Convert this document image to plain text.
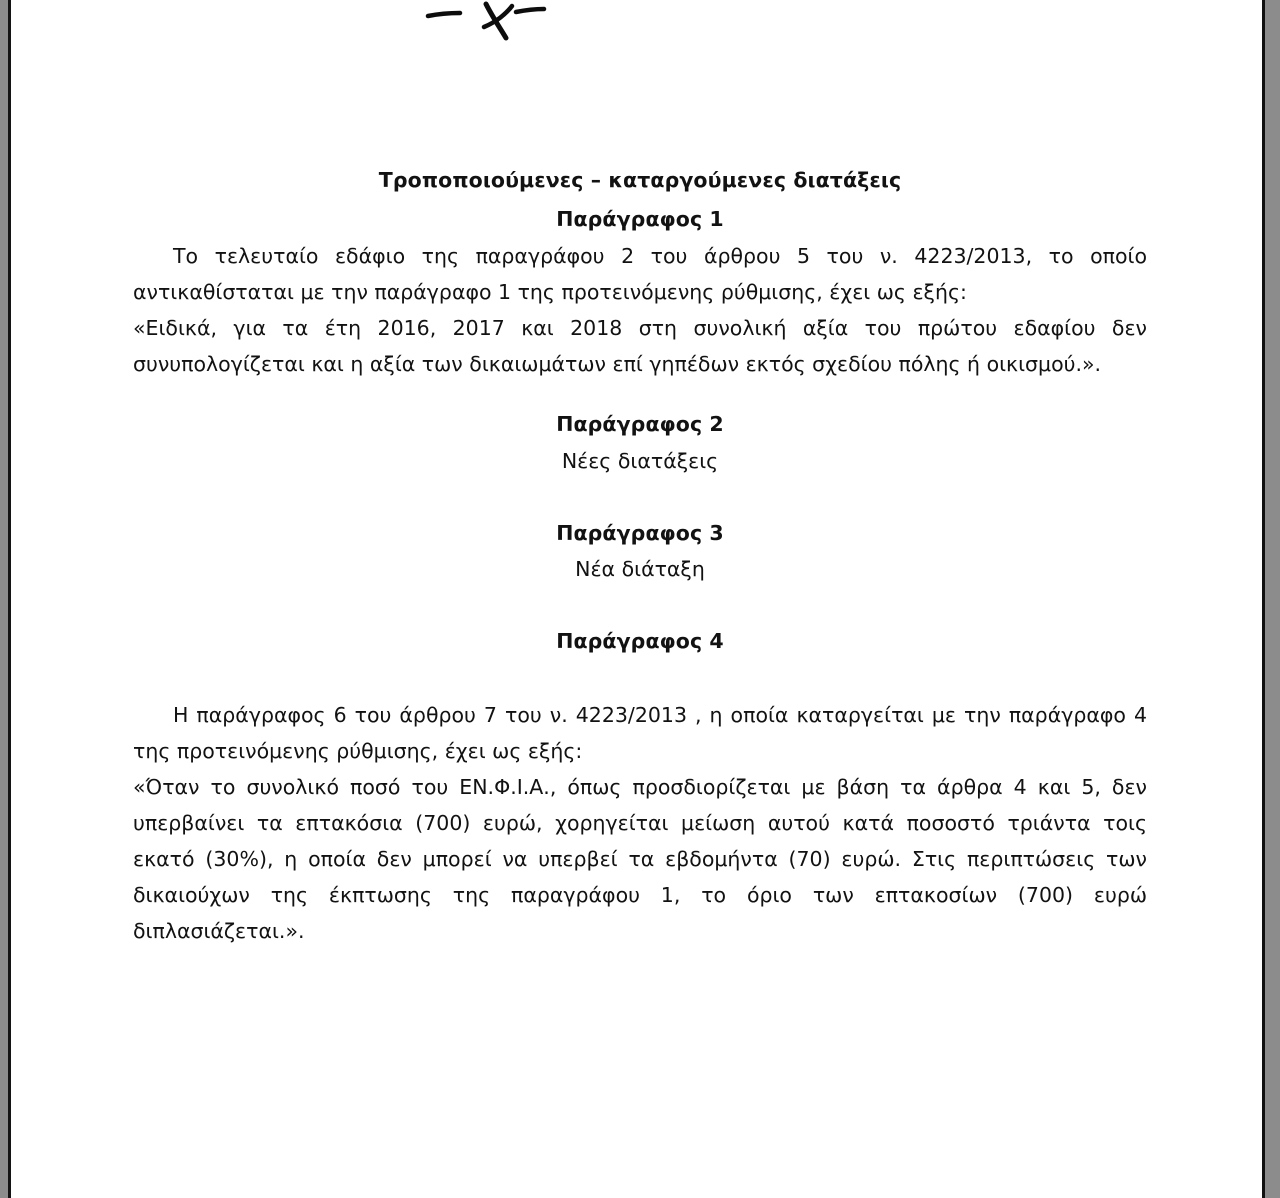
Τροποποιούμενες – καταργούμενες διατάξεις
Παράγραφος 1
Το τελευταίο εδάφιο της παραγράφου 2 του άρθρου 5 του ν. 4223/2013, το οποίο αντικαθίσταται με την παράγραφο 1 της προτεινόμενης ρύθμισης, έχει ως εξής:
«Ειδικά, για τα έτη 2016, 2017 και 2018 στη συνολική αξία του πρώτου εδαφίου δεν συνυπολογίζεται και η αξία των δικαιωμάτων επί γηπέδων εκτός σχεδίου πόλης ή οικισμού.».
Παράγραφος 2
Νέες διατάξεις
Παράγραφος 3
Νέα διάταξη
Παράγραφος 4
Η παράγραφος 6 του άρθρου 7 του ν. 4223/2013 , η οποία καταργείται με την παράγραφο 4 της προτεινόμενης ρύθμισης, έχει ως εξής:
«Όταν το συνολικό ποσό του ΕΝ.Φ.Ι.Α., όπως προσδιορίζεται με βάση τα άρθρα 4 και 5, δεν υπερβαίνει τα επτακόσια (700) ευρώ, χορηγείται μείωση αυτού κατά ποσοστό τριάντα τοις εκατό (30%), η οποία δεν μπορεί να υπερβεί τα εβδομήντα (70) ευρώ. Στις περιπτώσεις των δικαιούχων της έκπτωσης της παραγράφου 1, το όριο των επτακοσίων (700) ευρώ διπλασιάζεται.».
